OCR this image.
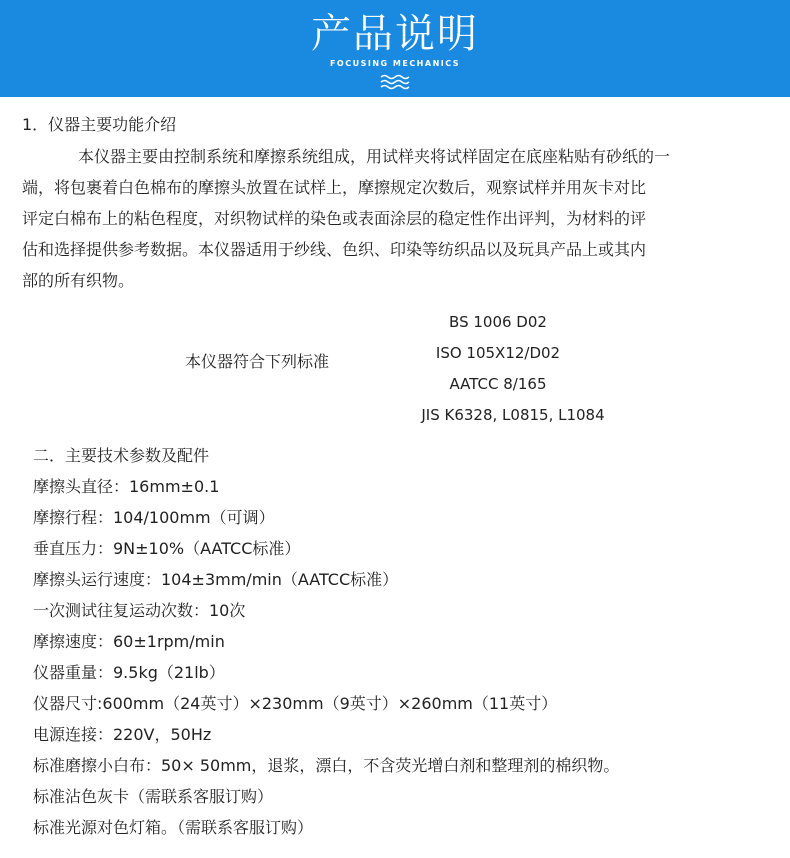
产品说明
FOCUSING MECHANICS
1．仪器主要功能介绍
本仪器主要由控制系统和摩擦系统组成，用试样夹将试样固定在底座粘贴有砂纸的一
端，将包裹着白色棉布的摩擦头放置在试样上，摩擦规定次数后，观察试样并用灰卡对比
评定白棉布上的粘色程度，对织物试样的染色或表面涂层的稳定性作出评判，为材料的评
估和选择提供参考数据。本仪器适用于纱线、色织、印染等纺织品以及玩具产品上或其内
部的所有织物。
本仪器符合下列标准
BS 1006 D02
ISO 105X12/D02
AATCC 8/165
JIS K6328, L0815, L1084
二．主要技术参数及配件
摩擦头直径：16mm±0.1
摩擦行程：104/100mm（可调）
垂直压力：9N±10%（AATCC标准）
摩擦头运行速度：104±3mm/min（AATCC标准）
一次测试往复运动次数：10次
摩擦速度：60±1rpm/min
仪器重量：9.5kg（21lb）
仪器尺寸:600mm（24英寸）×230mm（9英寸）×260mm（11英寸）
电源连接：220V，50Hz
标准磨擦小白布：50× 50mm，退浆，漂白，不含荧光增白剂和整理剂的棉织物。
标准沾色灰卡（需联系客服订购）
标准光源对色灯箱。（需联系客服订购）
